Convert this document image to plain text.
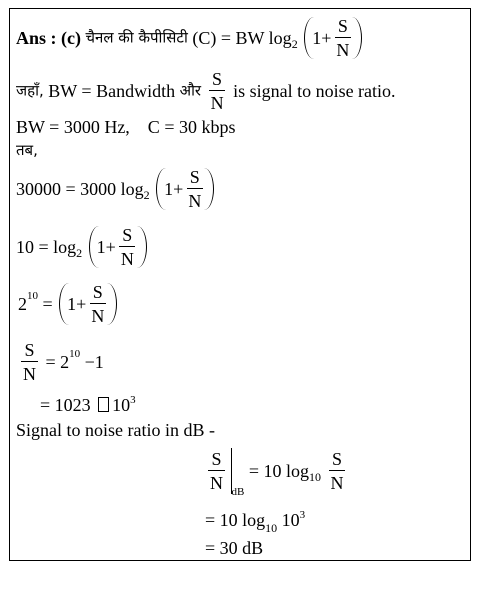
Ans : (c) चैनल की कैपीसिटी (C) = BW $\log_2 1+ \frac{S}{N}$
जहाँ, BW = Bandwidth और $\frac{S}{N}$ is signal to noise ratio.
BW = 3000 Hz,    C = 30 kbps
तब,
30000 = 3000 $\log_2 1+ \frac{S}{N}$
$10 = \log_2 1+ \frac{S}{N}$
$2^{10} = 1+ \frac{S}{N}$
$\frac{S}{N} = 2^{10} -1$
= 1023 $10^3$
Signal to noise ratio in dB -
$\frac{S}{N}$
$_{dB}$ = 10 $\log_{10} \frac{S}{N}$
= 10 $\log_{10} 10^3$
= 30 dB
